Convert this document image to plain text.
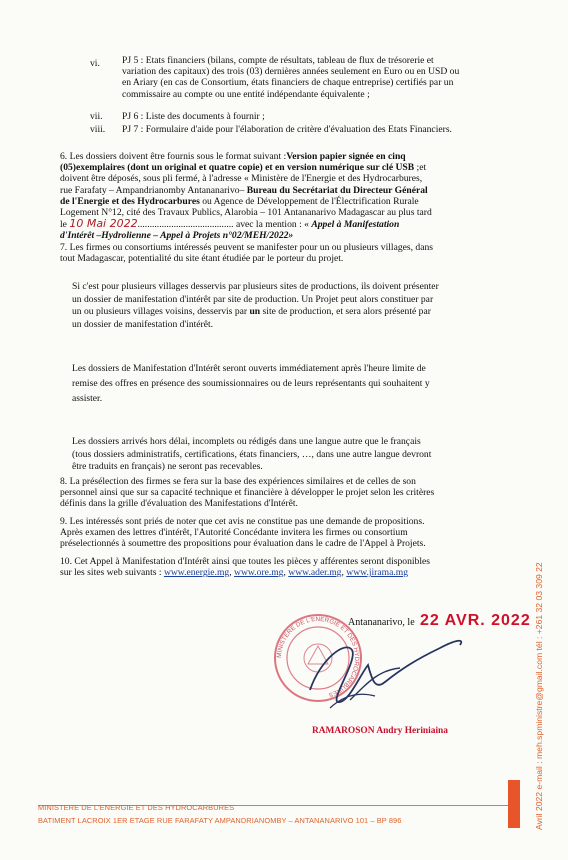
vi. PJ 5 : Etats financiers (bilans, compte de résultats, tableau de flux de trésorerie et
variation des capitaux) des trois (03) dernières années seulement en Euro ou en USD ou
en Ariary (en cas de Consortium, états financiers de chaque entreprise) certifiés par un
commissaire au compte ou une entité indépendante équivalente ;
vii. PJ 6 : Liste des documents à fournir ;
viii. PJ 7 : Formulaire d'aide pour l'élaboration de critère d'évaluation des Etats Financiers.
6. Les dossiers doivent être fournis sous le format suivant :Version papier signée en cinq
(05)exemplaires (dont un original et quatre copie) et en version numérique sur clé USB ;et
doivent être déposés, sous pli fermé, à l'adresse « Ministère de l'Energie et des Hydrocarbures,
rue Farafaty – Ampandrianomby Antananarivo– Bureau du Secrétariat du Directeur Général
de l'Energie et des Hydrocarbures ou Agence de Développement de l'Électrification Rurale
Logement N°12, cité des Travaux Publics, Alarobia – 101 Antananarivo Madagascar au plus tard
le 10 Mai 2022........................................ avec la mention : « Appel à Manifestation
d'Intérêt –Hydrolienne – Appel à Projets n°02/MEH/2022»
7. Les firmes ou consortiums intéressés peuvent se manifester pour un ou plusieurs villages, dans
tout Madagascar, potentialité du site étant étudiée par le porteur du projet.
Si c'est pour plusieurs villages desservis par plusieurs sites de productions, ils doivent présenter
un dossier de manifestation d'intérêt par site de production. Un Projet peut alors constituer par
un ou plusieurs villages voisins, desservis par un site de production, et sera alors présenté par
un dossier de manifestation d'intérêt.
Les dossiers de Manifestation d'Intérêt seront ouverts immédiatement après l'heure limite de
remise des offres en présence des soumissionnaires ou de leurs représentants qui souhaitent y
assister.
Les dossiers arrivés hors délai, incomplets ou rédigés dans une langue autre que le français
(tous dossiers administratifs, certifications, états financiers, …, dans une autre langue devront
être traduits en français) ne seront pas recevables.
8. La présélection des firmes se fera sur la base des expériences similaires et de celles de son
personnel ainsi que sur sa capacité technique et financière à développer le projet selon les critères
définis dans la grille d'évaluation des Manifestations d'Intérêt.
9. Les intéressés sont priés de noter que cet avis ne constitue pas une demande de propositions.
Après examen des lettres d'intérêt, l'Autorité Concédante invitera les firmes ou consortium
préselectionnés à soumettre des propositions pour évaluation dans le cadre de l'Appel à Projets.
10. Cet Appel à Manifestation d'Intérêt ainsi que toutes les pièces y afférentes seront disponibles
sur les sites web suivants : www.energie.mg, www.ore.mg, www.ader.mg, www.jirama.mg
MINISTERE DE L'ENERGIE ET DES HYDROCARBURES
Antananarivo, le 22 AVR. 2022
RAMAROSON Andry Heriniaina
MINISTERE DE L'ENERGIE ET DES HYDROCARBURES
BATIMENT LACROIX 1ER ETAGE RUE FARAFATY AMPANDRIANOMBY – ANTANANARIVO 101 – BP 896	Avril 2022 e-mail : meh.spministre@gmail.com tél : +261 32 03 309 22
